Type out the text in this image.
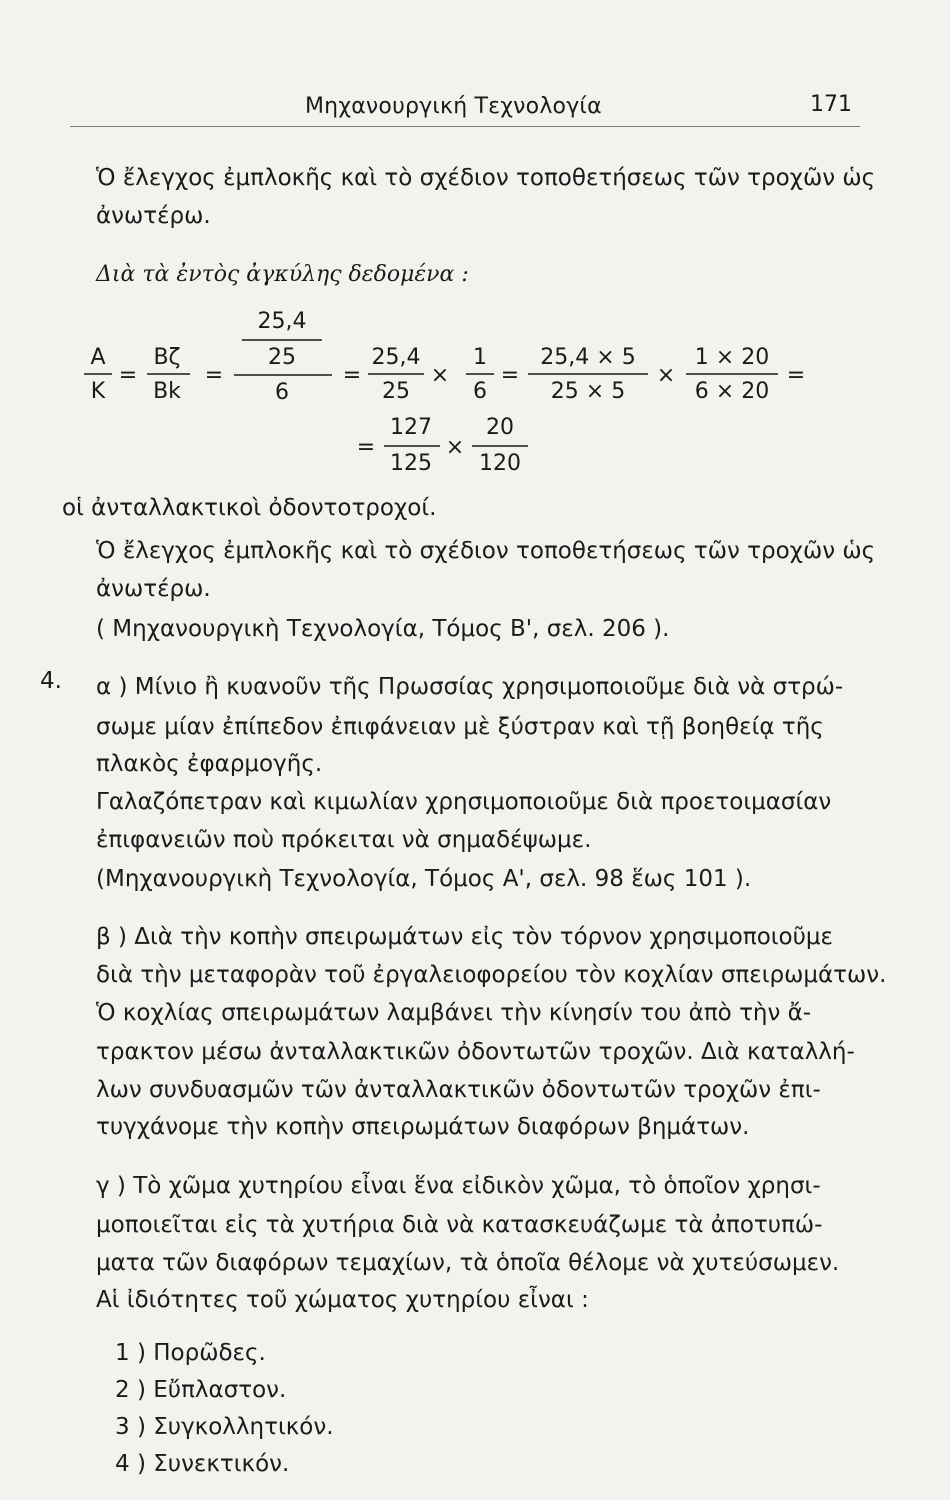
Μηχανουργική Τεχνολογία	171
Ὁ ἔλεγχος ἐμπλοκῆς καὶ τὸ σχέδιον τοποθετήσεως τῶν τροχῶν ὡς
ἀνωτέρω.
Διὰ τὰ ἐντὸς ἀγκύλης δεδομένα :
25,4
A
K
=
Bζ
Bk
=
25
6
=
25,4
25
×
1
6
=
25,4 × 5
25 × 5
×
1 × 20
6 × 20
=
=
127
125
×
20
120
οἱ ἀνταλλακτικοὶ ὀδοντοτροχοί.
Ὁ ἔλεγχος ἐμπλοκῆς καὶ τὸ σχέδιον τοποθετήσεως τῶν τροχῶν ὡς
ἀνωτέρω.
( Μηχανουργικὴ Τεχνολογία, Τόμος Β', σελ. 206 ).
4. α ) Μίνιο ἢ κυανοῦν τῆς Πρωσσίας χρησιμοποιοῦμε διὰ νὰ στρώ-
σωμε μίαν ἐπίπεδον ἐπιφάνειαν μὲ ξύστραν καὶ τῇ βοηθείᾳ τῆς
πλακὸς ἐφαρμογῆς.
Γαλαζόπετραν καὶ κιμωλίαν χρησιμοποιοῦμε διὰ προετοιμασίαν
ἐπιφανειῶν ποὺ πρόκειται νὰ σημαδέψωμε.
(Μηχανουργικὴ Τεχνολογία, Τόμος Α', σελ. 98 ἕως 101 ).
β ) Διὰ τὴν κοπὴν σπειρωμάτων εἰς τὸν τόρνον χρησιμοποιοῦμε
διὰ τὴν μεταφορὰν τοῦ ἐργαλειοφορείου τὸν κοχλίαν σπειρωμάτων.
Ὁ κοχλίας σπειρωμάτων λαμβάνει τὴν κίνησίν του ἀπὸ τὴν ἄ-
τρακτον μέσω ἀνταλλακτικῶν ὀδοντωτῶν τροχῶν. Διὰ καταλλή-
λων συνδυασμῶν τῶν ἀνταλλακτικῶν ὀδοντωτῶν τροχῶν ἐπι-
τυγχάνομε τὴν κοπὴν σπειρωμάτων διαφόρων βημάτων.
γ ) Τὸ χῶμα χυτηρίου εἶναι ἕνα εἰδικὸν χῶμα, τὸ ὁποῖον χρησι-
μοποιεῖται εἰς τὰ χυτήρια διὰ νὰ κατασκευάζωμε τὰ ἀποτυπώ-
ματα τῶν διαφόρων τεμαχίων, τὰ ὁποῖα θέλομε νὰ χυτεύσωμεν.
Αἱ ἰδιότητες τοῦ χώματος χυτηρίου εἶναι :
1 ) Πορῶδες.
2 ) Εὔπλαστον.
3 ) Συγκολλητικόν.
4 ) Συνεκτικόν.
